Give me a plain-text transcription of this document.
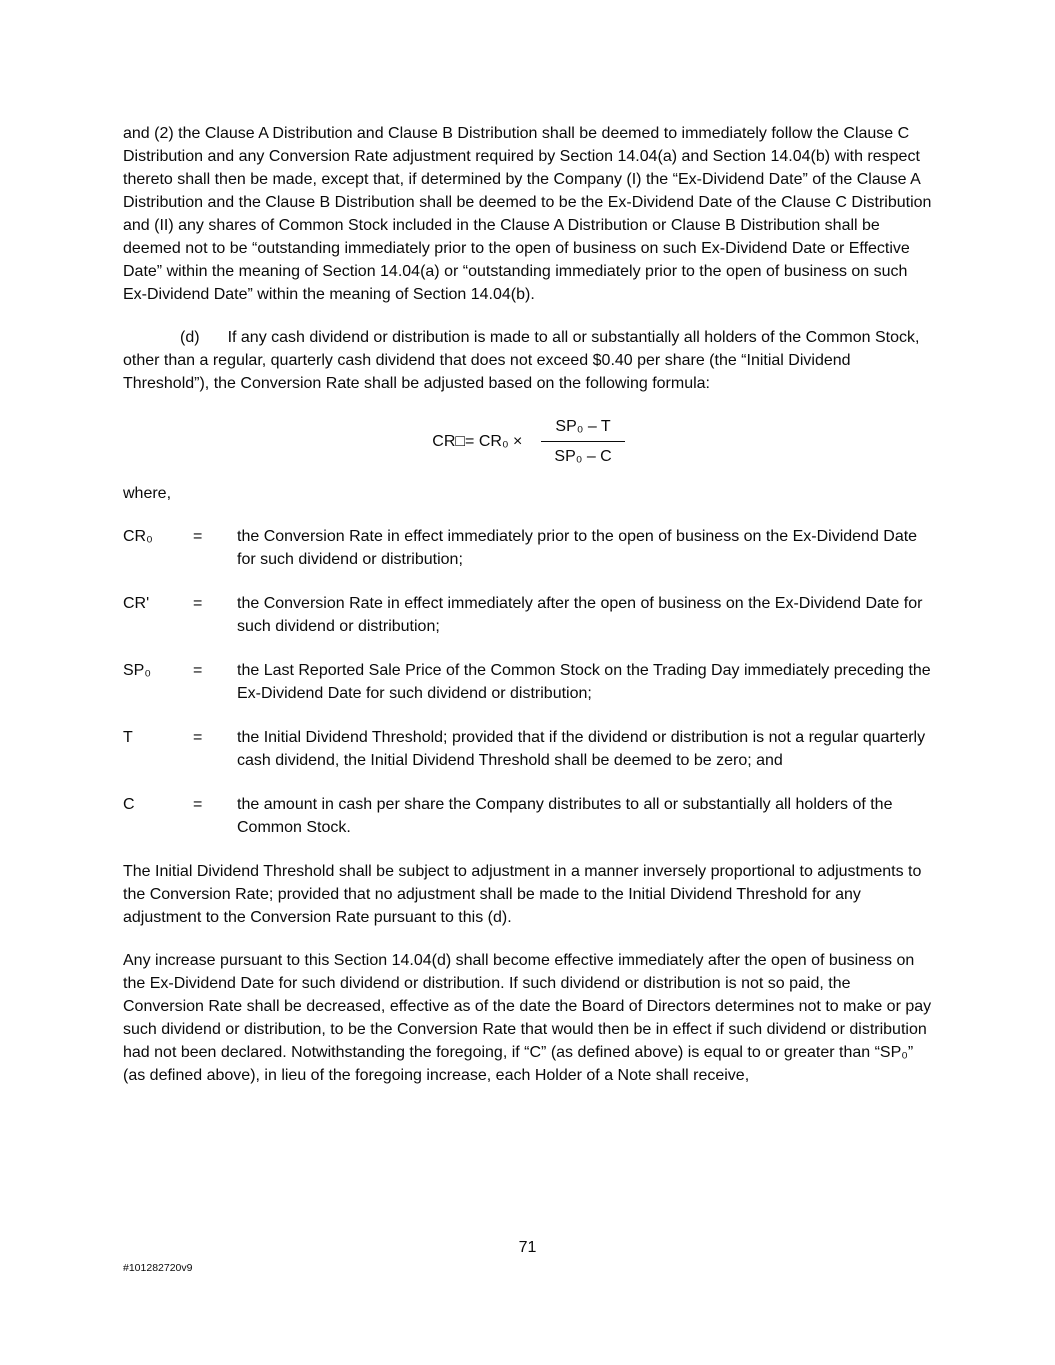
and (2) the Clause A Distribution and Clause B Distribution shall be deemed to immediately follow the Clause C Distribution and any Conversion Rate adjustment required by Section 14.04(a) and Section 14.04(b) with respect thereto shall then be made, except that, if determined by the Company (I) the “Ex-Dividend Date” of the Clause A Distribution and the Clause B Distribution shall be deemed to be the Ex-Dividend Date of the Clause C Distribution and (II) any shares of Common Stock included in the Clause A Distribution or Clause B Distribution shall be deemed not to be “outstanding immediately prior to the open of business on such Ex-Dividend Date or Effective Date” within the meaning of Section 14.04(a) or “outstanding immediately prior to the open of business on such Ex-Dividend Date” within the meaning of Section 14.04(b).

(d) If any cash dividend or distribution is made to all or substantially all holders of the Common Stock, other than a regular, quarterly cash dividend that does not exceed $0.40 per share (the “Initial Dividend Threshold”), the Conversion Rate shall be adjusted based on the following formula:

CR□= $CR_0 \times \frac{\text{SP₀ – T}}{\text{SP₀ – C}}$

where,

CR₀	=	the Conversion Rate in effect immediately prior to the open of business on the Ex-Dividend Date for such dividend or distribution;
CR'	=	the Conversion Rate in effect immediately after the open of business on the Ex-Dividend Date for such dividend or distribution;
SP₀	=	the Last Reported Sale Price of the Common Stock on the Trading Day immediately preceding the Ex-Dividend Date for such dividend or distribution;
T	=	the Initial Dividend Threshold; provided that if the dividend or distribution is not a regular quarterly cash dividend, the Initial Dividend Threshold shall be deemed to be zero; and
C	=	the amount in cash per share the Company distributes to all or substantially all holders of the Common Stock.

The Initial Dividend Threshold shall be subject to adjustment in a manner inversely proportional to adjustments to the Conversion Rate; provided that no adjustment shall be made to the Initial Dividend Threshold for any adjustment to the Conversion Rate pursuant to this (d).

Any increase pursuant to this Section 14.04(d) shall become effective immediately after the open of business on the Ex-Dividend Date for such dividend or distribution. If such dividend or distribution is not so paid, the Conversion Rate shall be decreased, effective as of the date the Board of Directors determines not to make or pay such dividend or distribution, to be the Conversion Rate that would then be in effect if such dividend or distribution had not been declared. Notwithstanding the foregoing, if “C” (as defined above) is equal to or greater than “SP₀” (as defined above), in lieu of the foregoing increase, each Holder of a Note shall receive,

71
#101282720v9
